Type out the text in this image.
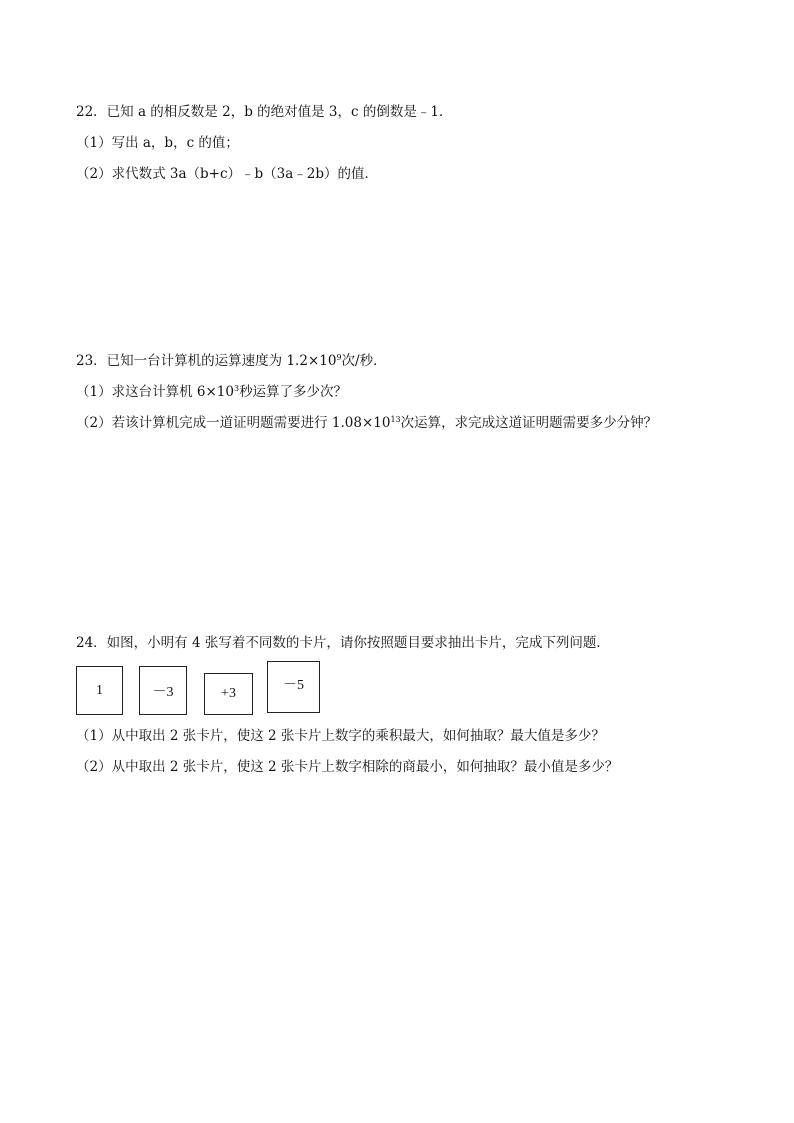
22．已知 a 的相反数是 2，b 的绝对值是 3，c 的倒数是﹣1．
（1）写出 a，b，c 的值；
（2）求代数式 3a（b+c）﹣b（3a﹣2b）的值．
23．已知一台计算机的运算速度为 $1.2\times 10^9$次/秒．
（1）求这台计算机 $6\times 10^3$秒运算了多少次？
（2）若该计算机完成一道证明题需要进行 $1.08\times 10^{13}$次运算，求完成这道证明题需要多少分钟？
24．如图，小明有 4 张写着不同数的卡片，请你按照题目要求抽出卡片，完成下列问题．
1	－3	+3
－5
（1）从中取出 2 张卡片，使这 2 张卡片上数字的乘积最大，如何抽取？最大值是多少？
（2）从中取出 2 张卡片，使这 2 张卡片上数字相除的商最小，如何抽取？最小值是多少？
